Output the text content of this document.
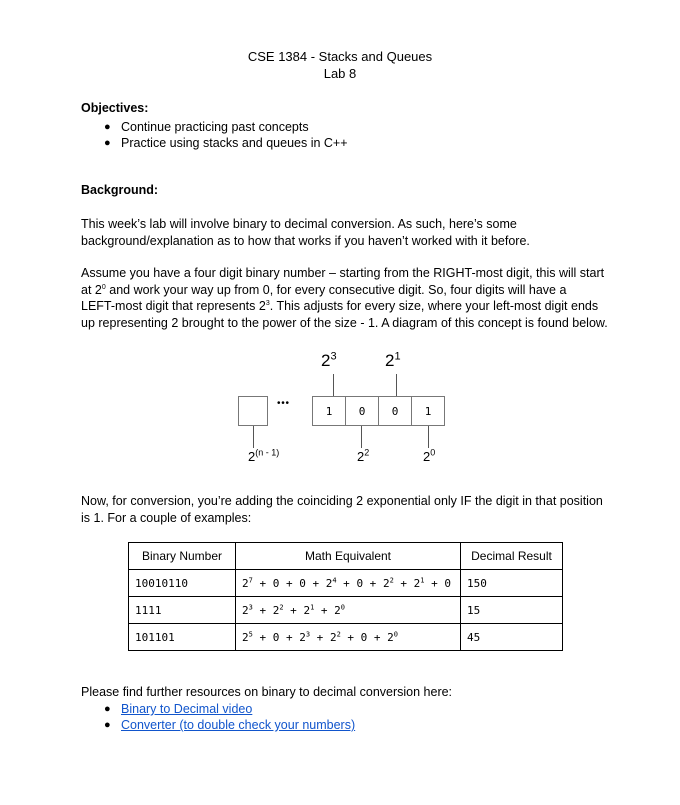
CSE 1384 - Stacks and Queues
Lab 8
Objectives:
● Continue practicing past concepts
● Practice using stacks and queues in C++
Background:
This week’s lab will involve binary to decimal conversion. As such, here’s some background/explanation as to how that works if you haven’t worked with it before.
Assume you have a four digit binary number – starting from the RIGHT-most digit, this will start
at $2^0$ and work your way up from 0, for every consecutive digit. So, four digits will have a
LEFT-most digit that represents $2^3$. This adjusts for every size, where your left-most digit ends
up representing 2 brought to the power of the size - 1. A diagram of this concept is found below.
$2^3$	$2^1$
• • •
1	0	0	1
2$^{(n - 1)}$	$2^2$	$2^0$
Now, for conversion, you’re adding the coinciding 2 exponential only IF the digit in that position
is 1. For a couple of examples:
Binary Number	Math Equivalent	Decimal Result
10010110	$2^7 + 0 + 0 + 2^4 + 0 + 2^2 + 2^1 + 0$	150
1111	$2^3 + 2^2 + 2^1 + 2^0$	15
101101	$2^5 + 0 + 2^3 + 2^2 + 0 + 2^0$	45
Please find further resources on binary to decimal conversion here:
● Binary to Decimal video
● Converter (to double check your numbers)
